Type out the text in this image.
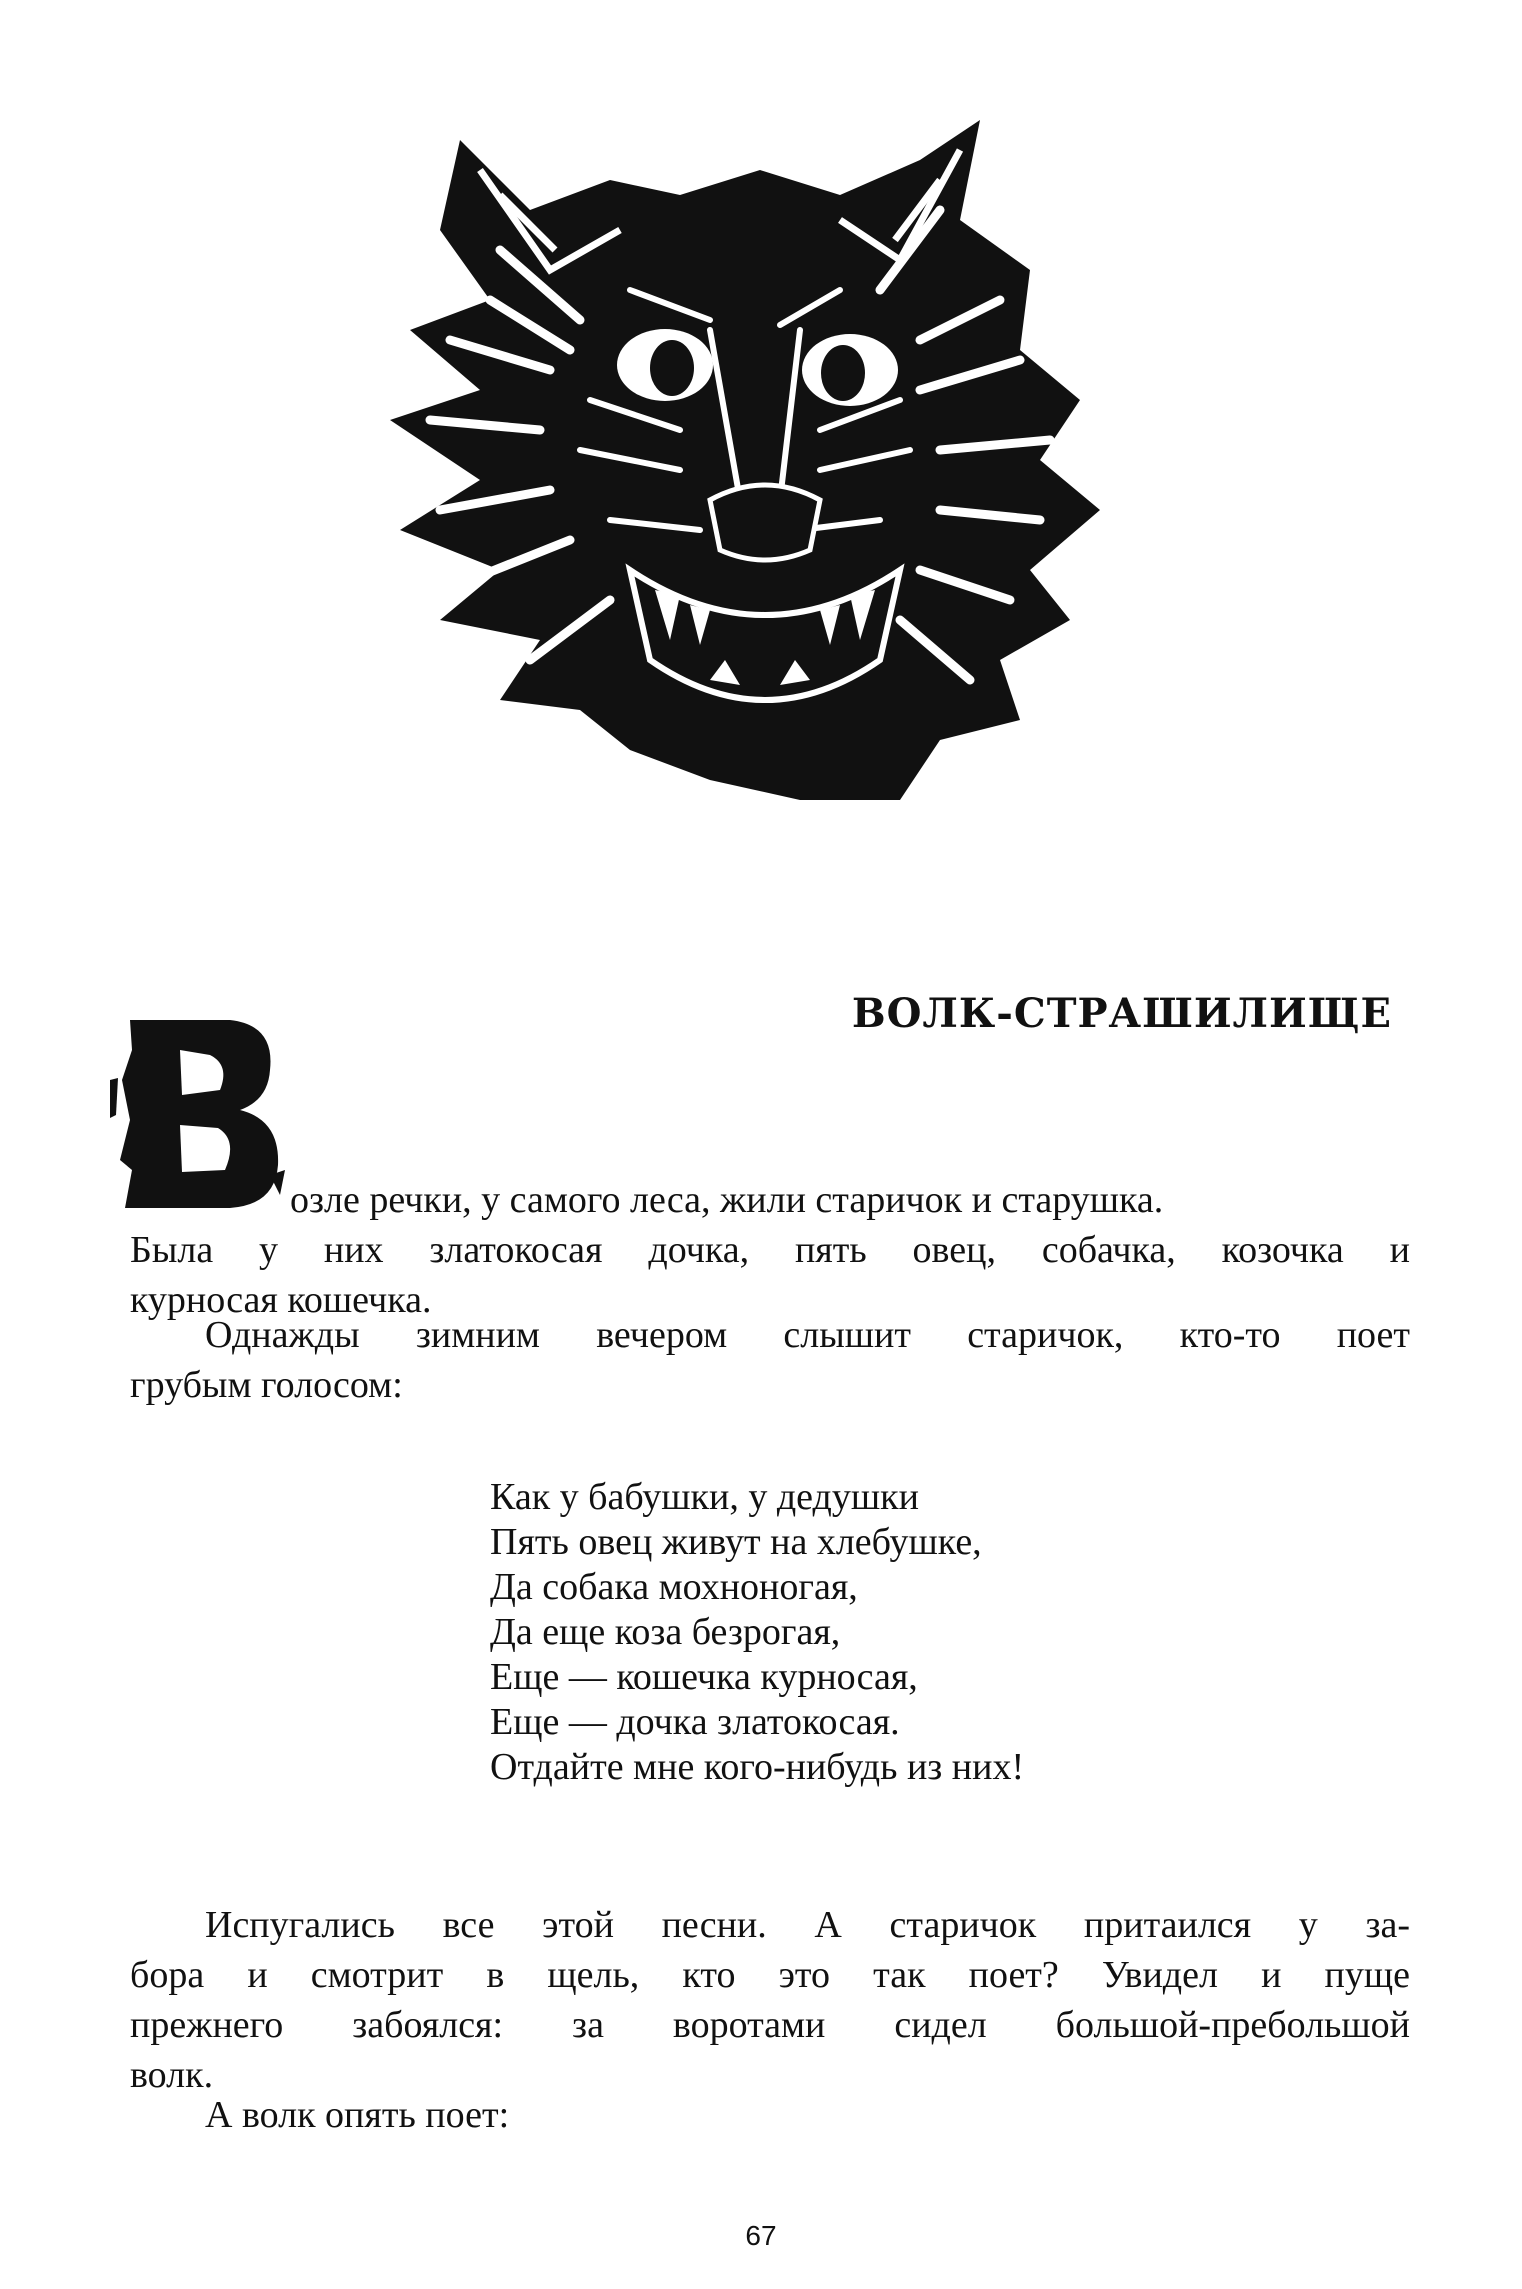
ВОЛК-СТРАШИЛИЩЕ
озле речки, у самого леса, жили старичок и старушка.
Была у них златокосая дочка, пять овец, собачка, козочка и
курносая кошечка.
Однажды зимним вечером слышит старичок, кто-то поет
грубым голосом:
Как у бабушки, у дедушки
Пять овец живут на хлебушке,
Да собака мохноногая,
Да еще коза безрогая,
Еще — кошечка курносая,
Еще — дочка златокосая.
Отдайте мне кого-нибудь из них!
Испугались все этой песни. А старичок притаился у за-
бора и смотрит в щель, кто это так поет? Увидел и пуще
прежнего забоялся: за воротами сидел большой-пребольшой
волк.
А волк опять поет:
67
